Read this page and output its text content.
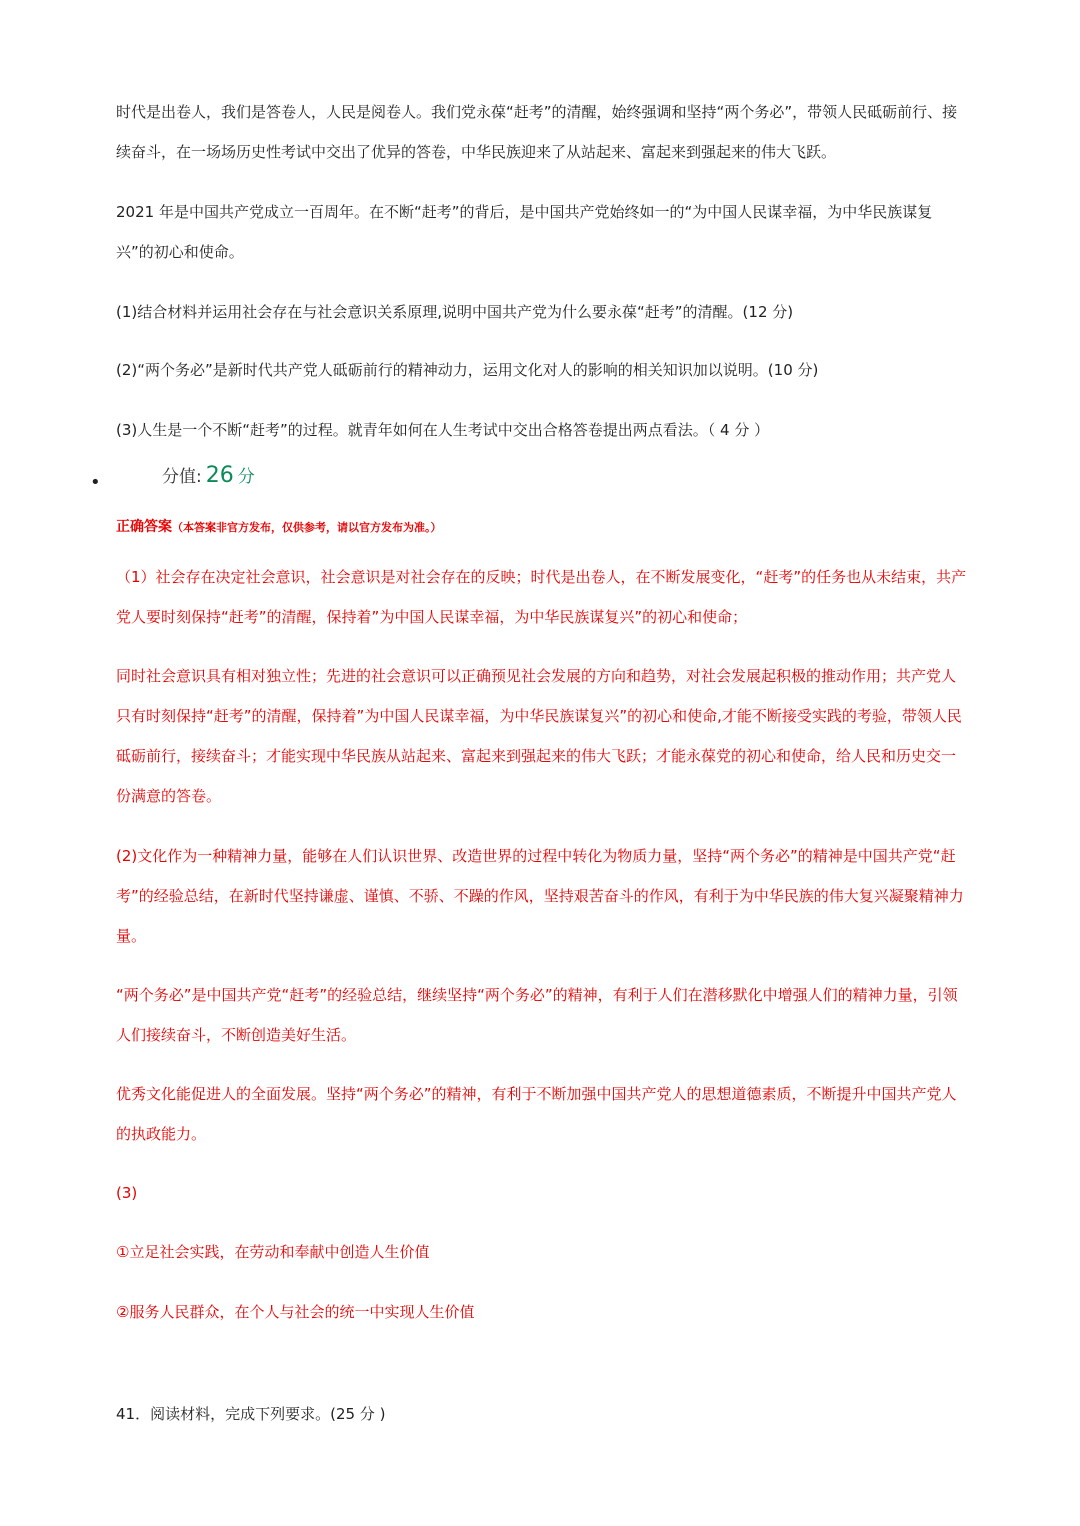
时代是出卷人，我们是答卷人，人民是阅卷人。我们党永葆“赶考”的清醒，始终强调和坚持“两个务必”，带领人民砥砺前行、接续奋斗，在一场场历史性考试中交出了优异的答卷，中华民族迎来了从站起来、富起来到强起来的伟大飞跃。

2021 年是中国共产党成立一百周年。在不断“赶考”的背后，是中国共产党始终如一的“为中国人民谋幸福，为中华民族谋复兴”的初心和使命。

(1)结合材料并运用社会存在与社会意识关系原理,说明中国共产党为什么要永葆“赶考”的清醒。(12 分)

(2)“两个务必”是新时代共产党人砥砺前行的精神动力，运用文化对人的影响的相关知识加以说明。(10 分)

(3)人生是一个不断“赶考”的过程。就青年如何在人生考试中交出合格答卷提出两点看法。（ 4 分 ）

•	分值: 26 分
正确答案（本答案非官方发布，仅供参考，请以官方发布为准。）

（1）社会存在决定社会意识，社会意识是对社会存在的反映；时代是出卷人，在不断发展变化，“赶考”的任务也从未结束，共产党人要时刻保持“赶考”的清醒，保持着”为中国人民谋幸福，为中华民族谋复兴”的初心和使命；

同时社会意识具有相对独立性；先进的社会意识可以正确预见社会发展的方向和趋势，对社会发展起积极的推动作用；共产党人只有时刻保持“赶考”的清醒，保持着”为中国人民谋幸福，为中华民族谋复兴”的初心和使命,才能不断接受实践的考验，带领人民砥砺前行，接续奋斗；才能实现中华民族从站起来、富起来到强起来的伟大飞跃；才能永葆党的初心和使命，给人民和历史交一份满意的答卷。

(2)文化作为一种精神力量，能够在人们认识世界、改造世界的过程中转化为物质力量，坚持“两个务必”的精神是中国共产党“赶考”的经验总结，在新时代坚持谦虚、谨慎、不骄、不躁的作风，坚持艰苦奋斗的作风，有利于为中华民族的伟大复兴凝聚精神力量。

“两个务必”是中国共产党“赶考”的经验总结，继续坚持“两个务必”的精神，有利于人们在潜移默化中增强人们的精神力量，引领人们接续奋斗，不断创造美好生活。

优秀文化能促进人的全面发展。坚持“两个务必”的精神，有利于不断加强中国共产党人的思想道德素质，不断提升中国共产党人的执政能力。

(3)

①立足社会实践，在劳动和奉献中创造人生价值

②服务人民群众，在个人与社会的统一中实现人生价值

41．阅读材料，完成下列要求。(25 分 )
